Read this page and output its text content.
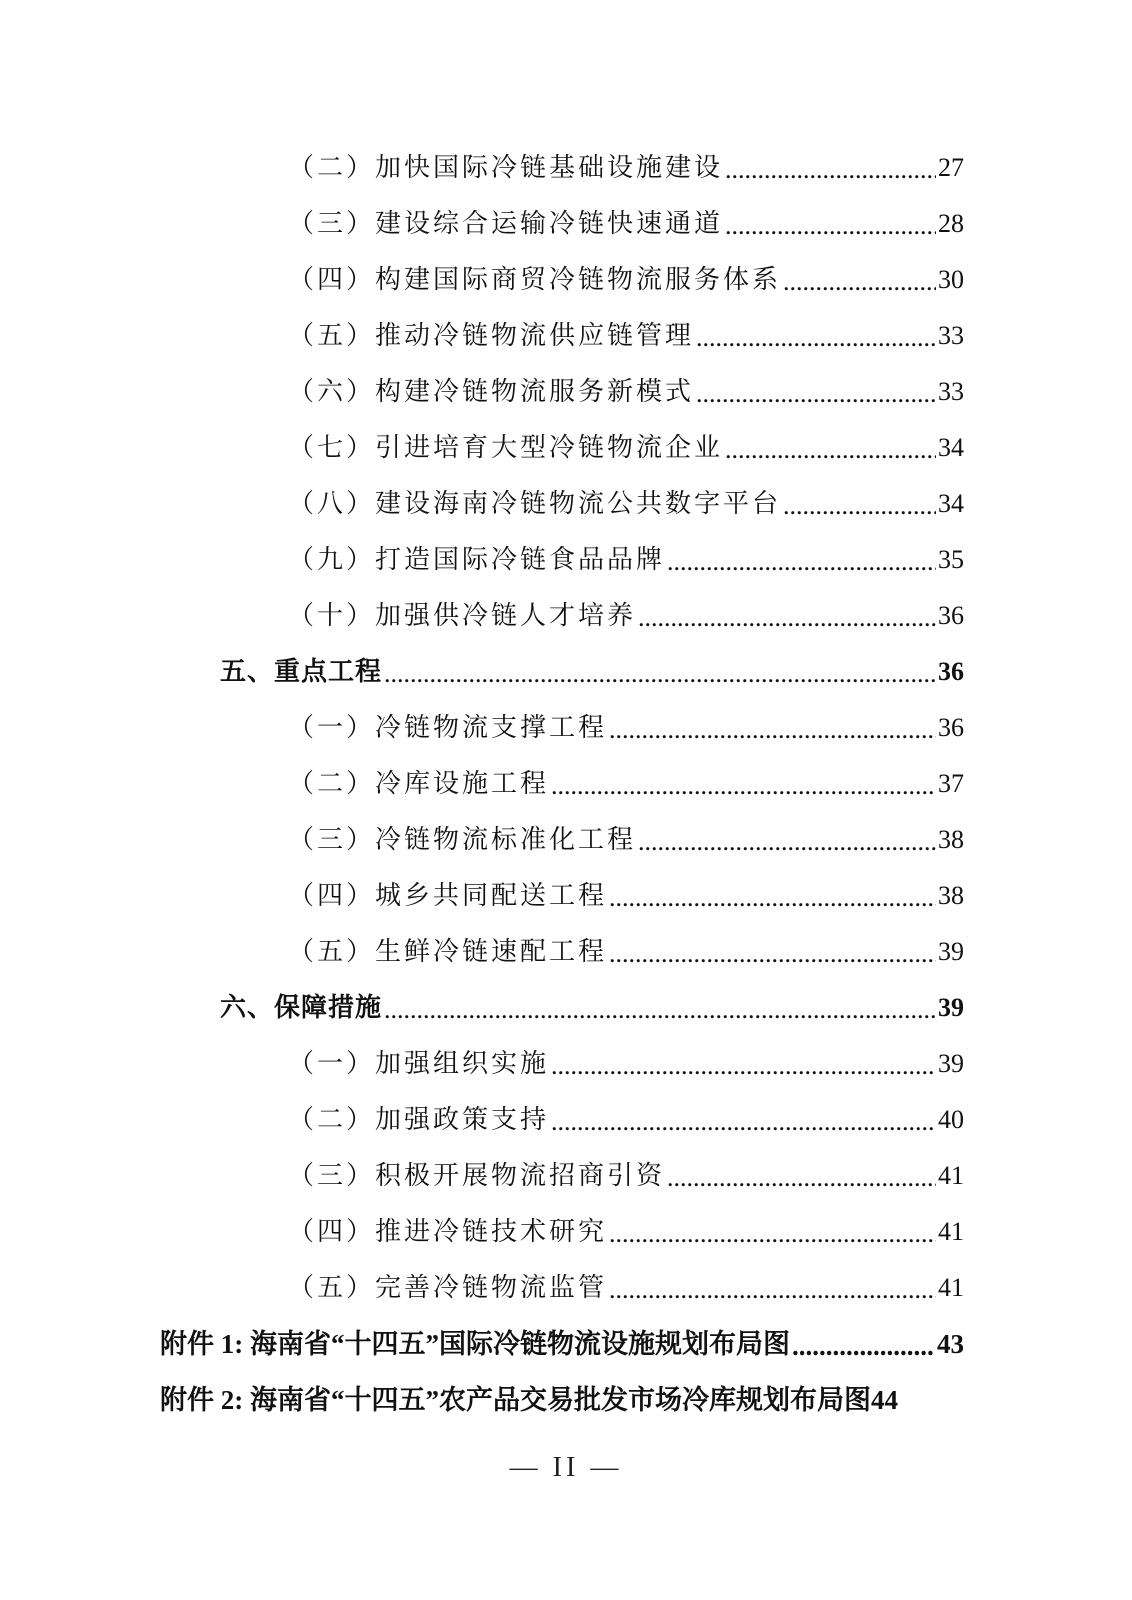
（二）加快国际冷链基础设施建设 .....	27
（三）建设综合运输冷链快速通道 .....	28
（四）构建国际商贸冷链物流服务体系 .....	30
（五）推动冷链物流供应链管理 .....	33
（六）构建冷链物流服务新模式 .....	33
（七）引进培育大型冷链物流企业 .....	34
（八）建设海南冷链物流公共数字平台 .....	34
（九）打造国际冷链食品品牌 .....	35
（十）加强供冷链人才培养 .....	36
五、重点工程 .....	36
（一）冷链物流支撑工程 .....	36
（二）冷库设施工程 .....	37
（三）冷链物流标准化工程 .....	38
（四）城乡共同配送工程 .....	38
（五）生鲜冷链速配工程 .....	39
六、保障措施 .....	39
（一）加强组织实施 .....	39
（二）加强政策支持 .....	40
（三）积极开展物流招商引资 .....	41
（四）推进冷链技术研究 .....	41
（五）完善冷链物流监管 .....	41
附件 1: 海南省“十四五”国际冷链物流设施规划布局图 .....	43
附件 2: 海南省“十四五”农产品交易批发市场冷库规划布局图 44
— II —
